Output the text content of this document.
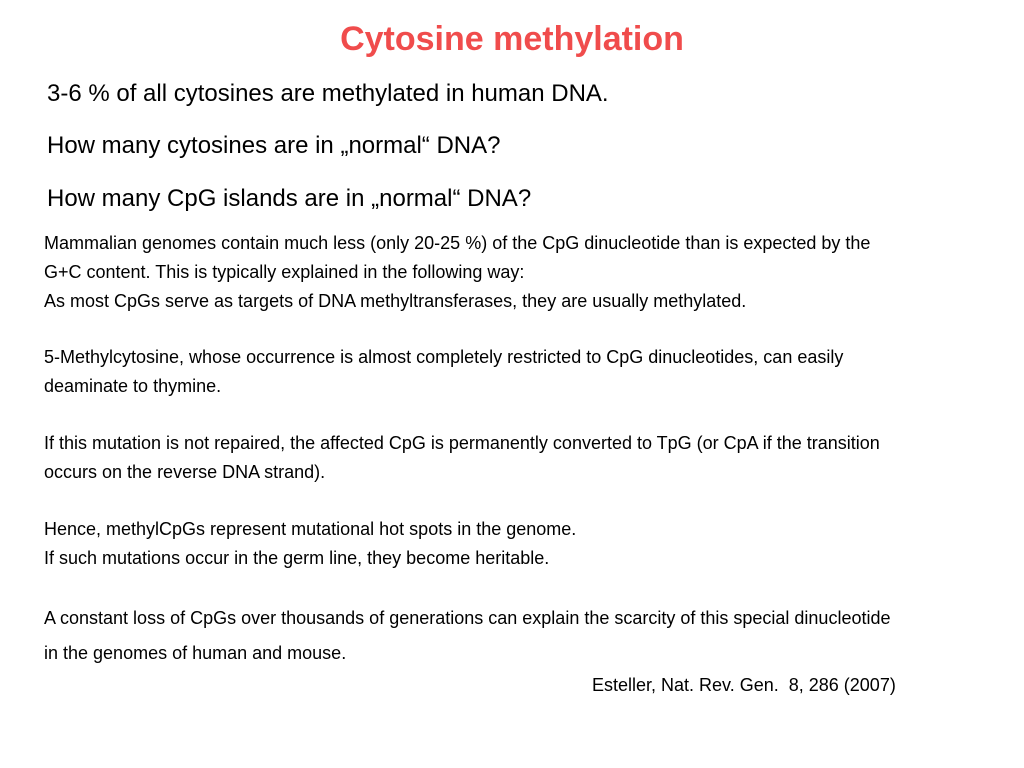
Cytosine methylation
3-6 % of all cytosines are methylated in human DNA.
How many cytosines are in „normal“ DNA?
How many CpG islands are in „normal“ DNA?

Mammalian genomes contain much less (only 20-25 %) of the CpG dinucleotide than is expected by the

G+C content. This is typically explained in the following way:

As most CpGs serve as targets of DNA methyltransferases, they are usually methylated.

5-Methylcytosine, whose occurrence is almost completely restricted to CpG dinucleotides, can easily

deaminate to thymine.

If this mutation is not repaired, the affected CpG is permanently converted to TpG (or CpA if the transition

occurs on the reverse DNA strand).

Hence, methylCpGs represent mutational hot spots in the genome.

If such mutations occur in the germ line, they become heritable.

A constant loss of CpGs over thousands of generations can explain the scarcity of this special dinucleotide

in the genomes of human and mouse.

Esteller, Nat. Rev. Gen.  8, 286 (2007)
